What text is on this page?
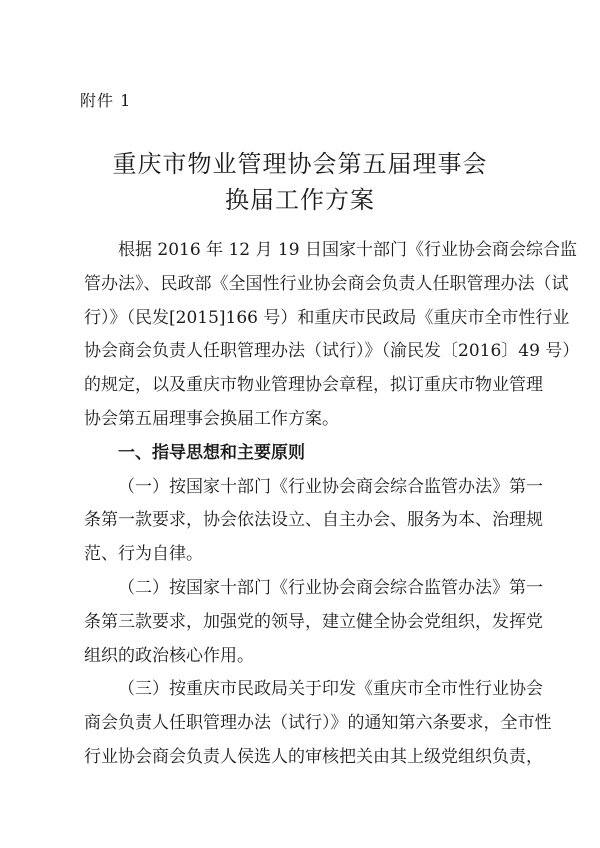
附件 1
重庆市物业管理协会第五届理事会
换届工作方案
根据 2016 年 12 月 19 日国家十部门《行业协会商会综合监
管办法》、民政部《全国性行业协会商会负责人任职管理办法（试
行）》（民发[2015]166 号）和重庆市民政局《重庆市全市性行业
协会商会负责人任职管理办法（试行）》（渝民发〔2016〕49 号）
的规定，以及重庆市物业管理协会章程，拟订重庆市物业管理
协会第五届理事会换届工作方案。
一、指导思想和主要原则
（一）按国家十部门《行业协会商会综合监管办法》第一
条第一款要求，协会依法设立、自主办会、服务为本、治理规
范、行为自律。
（二）按国家十部门《行业协会商会综合监管办法》第一
条第三款要求，加强党的领导，建立健全协会党组织，发挥党
组织的政治核心作用。
（三）按重庆市民政局关于印发《重庆市全市性行业协会
商会负责人任职管理办法（试行）》的通知第六条要求，全市性
行业协会商会负责人侯选人的审核把关由其上级党组织负责，
